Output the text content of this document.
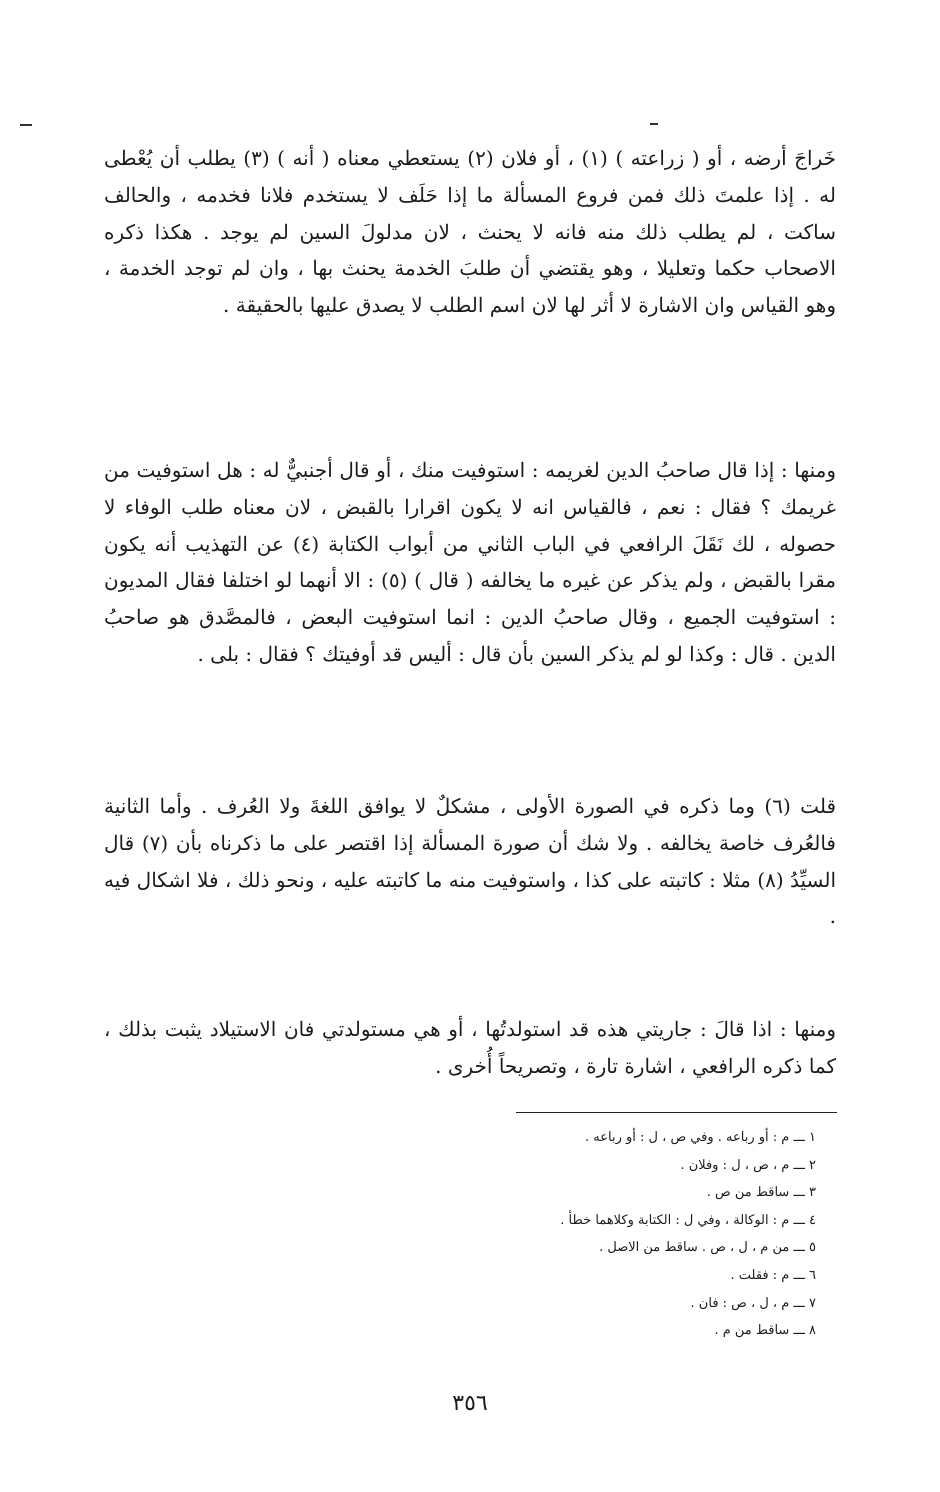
خَراجَ أرضه ، أو ( زراعته ) (١) ، أو فلان (٢) يستعطي معناه ( أنه ) (٣) يطلب أن يُعْطى له . إذا علمتَ ذلك فمن فروع المسألة ما إذا حَلَف لا يستخدم فلانا فخدمه ، والحالف ساكت ، لم يطلب ذلك منه فانه لا يحنث ، لان مدلولَ السين لم يوجد . هكذا ذكره الاصحاب حكما وتعليلا ، وهو يقتضي أن طلبَ الخدمة يحنث بها ، وان لم توجد الخدمة ، وهو القياس وان الاشارة لا أثر لها لان اسم الطلب لا يصدق عليها بالحقيقة .

ومنها : إذا قال صاحبُ الدين لغريمه : استوفيت منك ، أو قال أجنبيٌّ له : هل استوفيت من غريمك ؟ فقال : نعم ، فالقياس انه لا يكون اقرارا بالقبض ، لان معناه طلب الوفاء لا حصوله ، لك نَقَلَ الرافعي في الباب الثاني من أبواب الكتابة (٤) عن التهذيب أنه يكون مقرا بالقبض ، ولم يذكر عن غيره ما يخالفه ( قال ) (٥) : الا أنهما لو اختلفا فقال المديون : استوفيت الجميع ، وقال صاحبُ الدين : انما استوفيت البعض ، فالمصَّدق هو صاحبُ الدين . قال : وكذا لو لم يذكر السين بأن قال : أليس قد أوفيتك ؟ فقال : بلى .

قلت (٦) وما ذكره في الصورة الأولى ، مشكلٌ لا يوافق اللغةَ ولا العُرف . وأما الثانية فالعُرف خاصة يخالفه . ولا شك أن صورة المسألة إذا اقتصر على ما ذكرناه بأن (٧) قال السيِّدُ (٨) مثلا : كاتبته على كذا ، واستوفيت منه ما كاتبته عليه ، ونحو ذلك ، فلا اشكال فيه .

ومنها : اذا قالَ : جاريتي هذه قد استولدتُها ، أو هي مستولدتي فان الاستيلاد يثبت بذلك ، كما ذكره الرافعي ، اشارة تارة ، وتصريحاً أُخرى .

١ ـــ م : أو رباعه . وفي ص ، ل : أو رباعه .
٢ ـــ م ، ص ، ل : وفلان .
٣ ـــ ساقط من ص .
٤ ـــ م : الوكالة ، وفي ل : الكتابة وكلاهما خطأ .
٥ ـــ من م ، ل ، ص . ساقط من الاصل .
٦ ـــ م : فقلت .
٧ ـــ م ، ل ، ص : فان .
٨ ـــ ساقط من م .
٣٥٦
